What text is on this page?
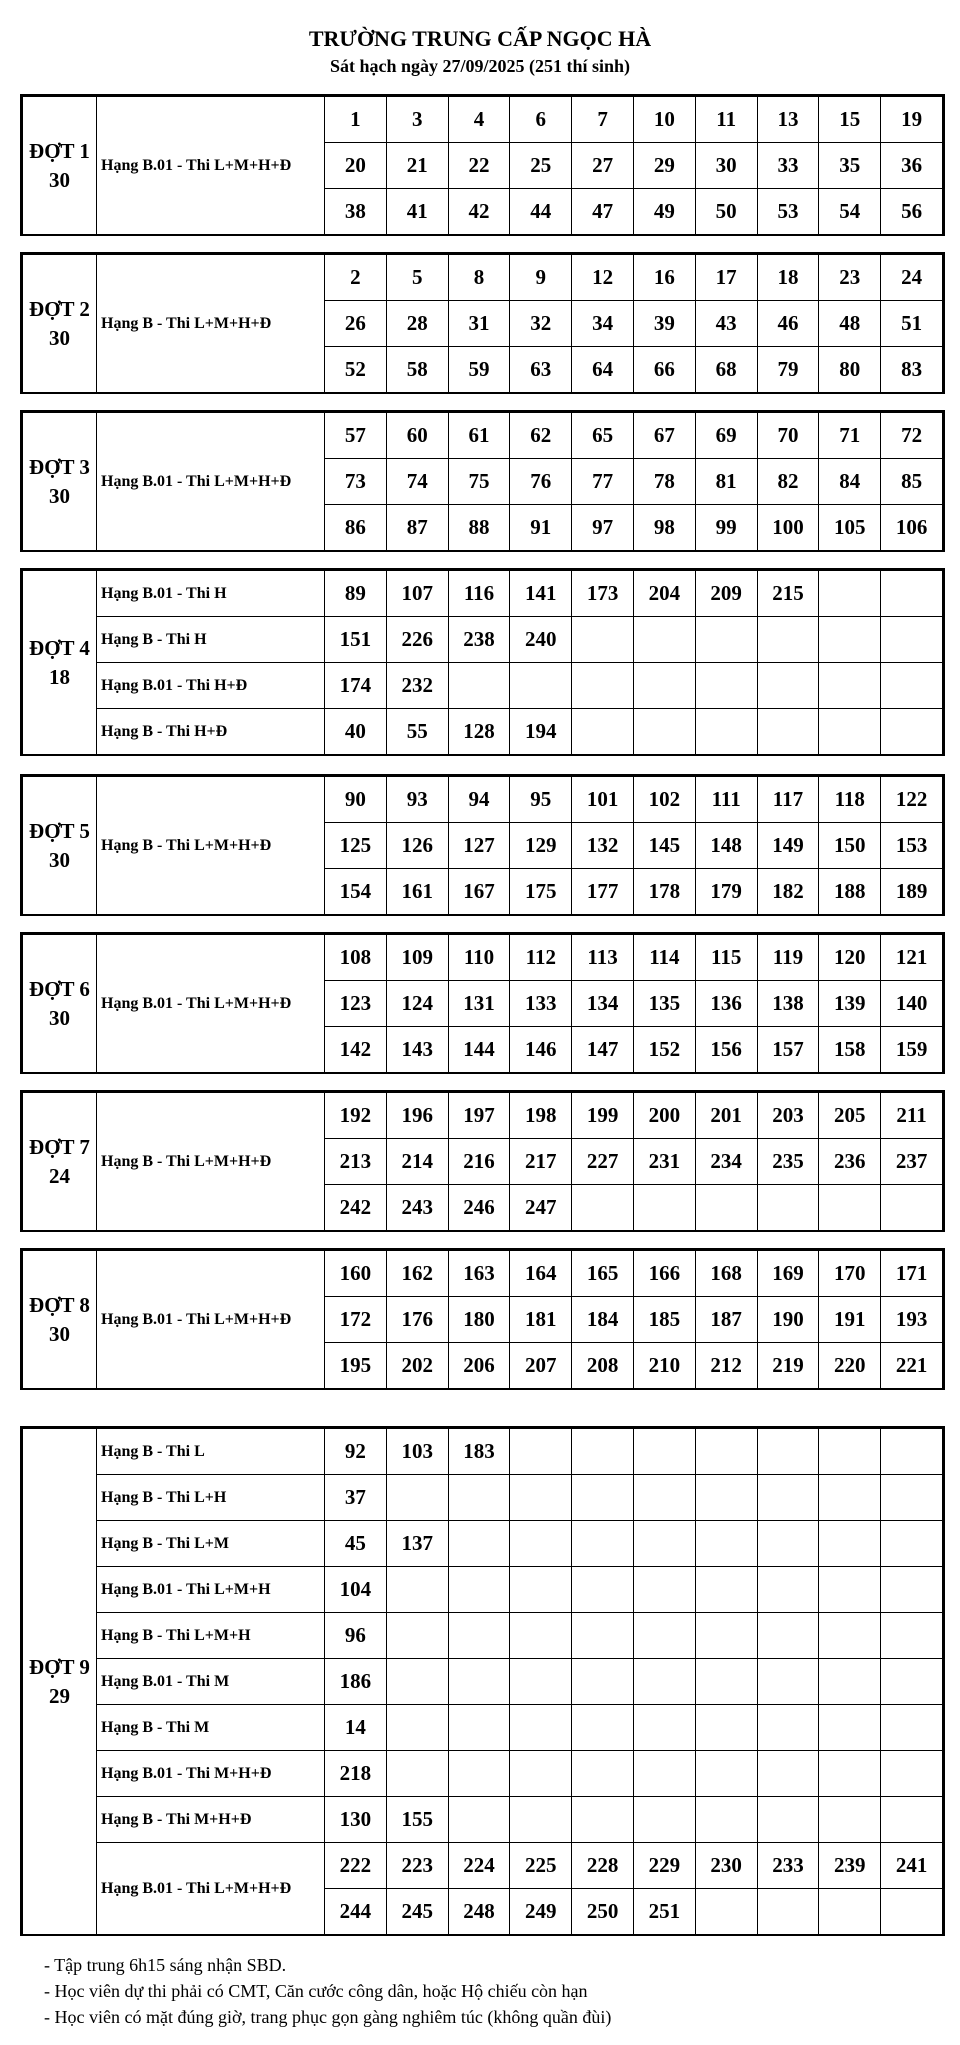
TRƯỜNG TRUNG CẤP NGỌC HÀ
Sát hạch ngày 27/09/2025 (251 thí sinh)
ĐỢT 1
30	Hạng B.01 - Thi L+M+H+Đ	1	3	4	6	7	10	11	13	15	19
		20	21	22	25	27	29	30	33	35	36
		38	41	42	44	47	49	50	53	54	56
ĐỢT 2
30	Hạng B - Thi L+M+H+Đ	2	5	8	9	12	16	17	18	23	24
		26	28	31	32	34	39	43	46	48	51
		52	58	59	63	64	66	68	79	80	83
ĐỢT 3
30	Hạng B.01 - Thi L+M+H+Đ	57	60	61	62	65	67	69	70	71	72
		73	74	75	76	77	78	81	82	84	85
		86	87	88	91	97	98	99	100	105	106
ĐỢT 4
18	Hạng B.01 - Thi H	89	107	116	141	173	204	209	215		
	Hạng B - Thi H	151	226	238	240						
	Hạng B.01 - Thi H+Đ	174	232								
	Hạng B - Thi H+Đ	40	55	128	194						
ĐỢT 5
30	Hạng B - Thi L+M+H+Đ	90	93	94	95	101	102	111	117	118	122
		125	126	127	129	132	145	148	149	150	153
		154	161	167	175	177	178	179	182	188	189
ĐỢT 6
30	Hạng B.01 - Thi L+M+H+Đ	108	109	110	112	113	114	115	119	120	121
		123	124	131	133	134	135	136	138	139	140
		142	143	144	146	147	152	156	157	158	159
ĐỢT 7
24	Hạng B - Thi L+M+H+Đ	192	196	197	198	199	200	201	203	205	211
		213	214	216	217	227	231	234	235	236	237
		242	243	246	247						
ĐỢT 8
30	Hạng B.01 - Thi L+M+H+Đ	160	162	163	164	165	166	168	169	170	171
		172	176	180	181	184	185	187	190	191	193
		195	202	206	207	208	210	212	219	220	221
ĐỢT 9
29	Hạng B - Thi L	92	103	183							
	Hạng B - Thi L+H	37									
	Hạng B - Thi L+M	45	137								
	Hạng B.01 - Thi L+M+H	104									
	Hạng B - Thi L+M+H	96									
	Hạng B.01 - Thi M	186									
	Hạng B - Thi M	14									
	Hạng B.01 - Thi M+H+Đ	218									
	Hạng B - Thi M+H+Đ	130	155								
	Hạng B.01 - Thi L+M+H+Đ	222	223	224	225	228	229	230	233	239	241
		244	245	248	249	250	251				
- Tập trung 6h15 sáng nhận SBD.
- Học viên dự thi phải có CMT, Căn cước công dân, hoặc Hộ chiếu còn hạn
- Học viên có mặt đúng giờ, trang phục gọn gàng nghiêm túc (không quần đùi)
